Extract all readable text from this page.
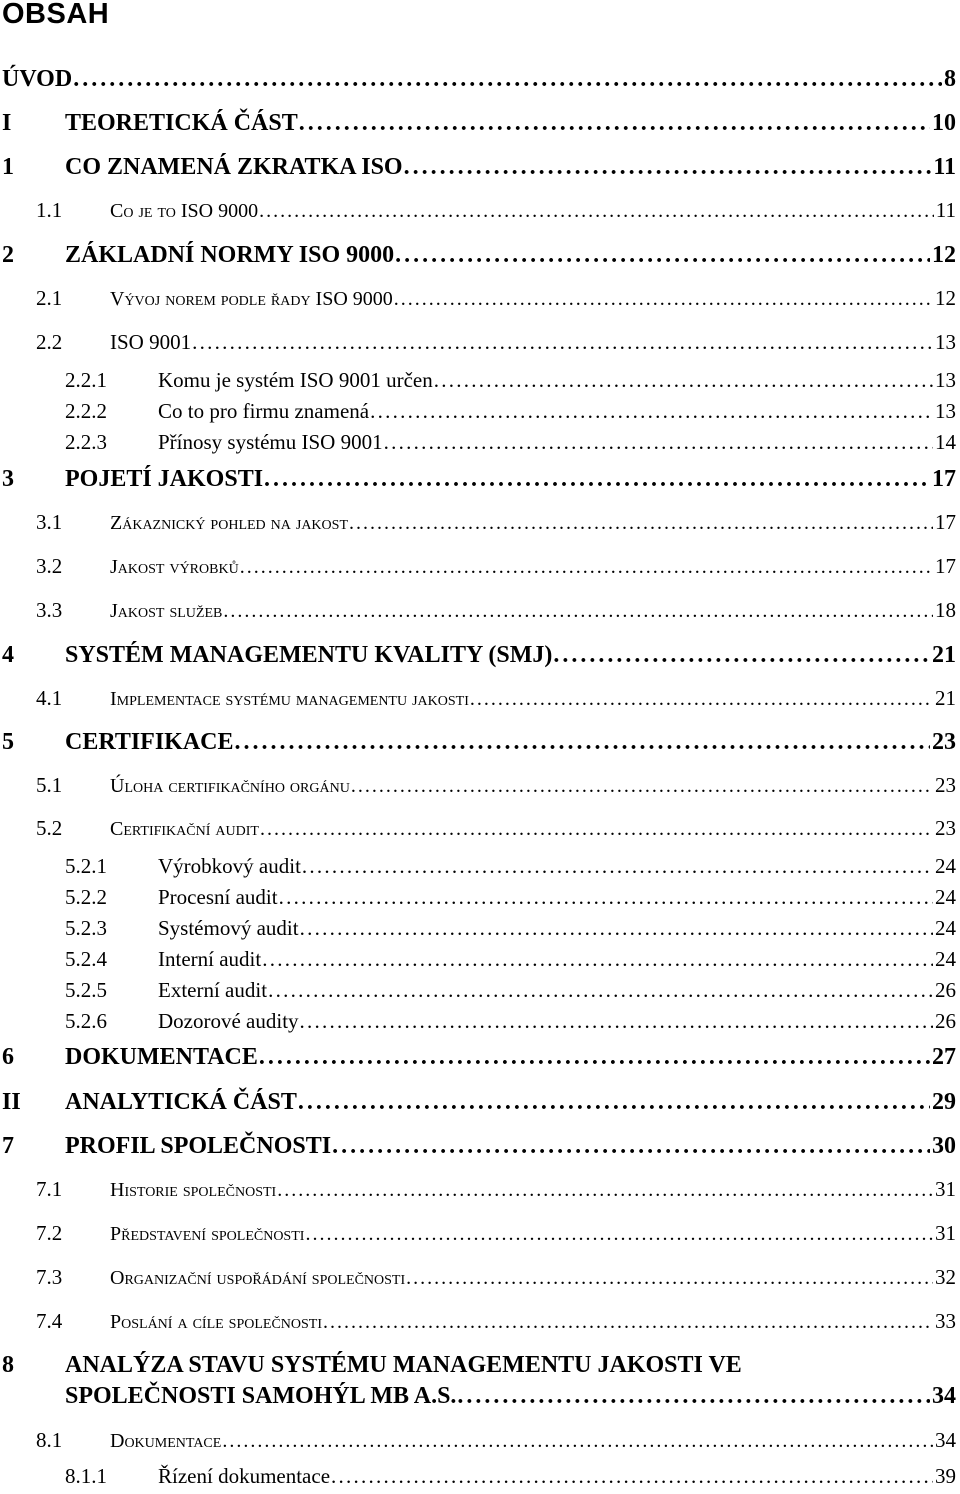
OBSAH
ÚVOD . . .	8
I	TEORETICKÁ ČÁST . . .	10
1	CO ZNAMENÁ ZKRATKA ISO . . .	11
1.1	Co je to ISO 9000 . . .	11
2	ZÁKLADNÍ NORMY ISO 9000 . . .	12
2.1	Vývoj norem podle řady ISO 9000 . . .	12
2.2	ISO 9001 . . .	13
2.2.1	Komu je systém ISO 9001 určen . . .	13
2.2.2	Co to pro firmu znamená . . .	13
2.2.3	Přínosy systému ISO 9001 . . .	14
3	POJETÍ JAKOSTI . . .	17
3.1	Zákaznický pohled na jakost . . .	17
3.2	Jakost výrobků . . .	17
3.3	Jakost služeb . . .	18
4	SYSTÉM MANAGEMENTU KVALITY (SMJ) . . .	21
4.1	Implementace systému managementu jakosti . . .	21
5	CERTIFIKACE . . .	23
5.1	Úloha certifikačního orgánu . . .	23
5.2	Certifikační audit . . .	23
5.2.1	Výrobkový audit . . .	24
5.2.2	Procesní audit . . .	24
5.2.3	Systémový audit . . .	24
5.2.4	Interní audit . . .	24
5.2.5	Externí audit . . .	26
5.2.6	Dozorové audity . . .	26
6	DOKUMENTACE . . .	27
II	ANALYTICKÁ ČÁST . . .	29
7	PROFIL SPOLEČNOSTI . . .	30
7.1	Historie společnosti . . .	31
7.2	Představení společnosti . . .	31
7.3	Organizační uspořádání společnosti . . .	32
7.4	Poslání a cíle společnosti . . .	33
8 ANALÝZA STAVU SYSTÉMU MANAGEMENTU JAKOSTI VE
SPOLEČNOSTI SAMOHÝL MB A.S. . . .	34
8.1	Dokumentace . . .	34
8.1.1	Řízení dokumentace . . .	39
